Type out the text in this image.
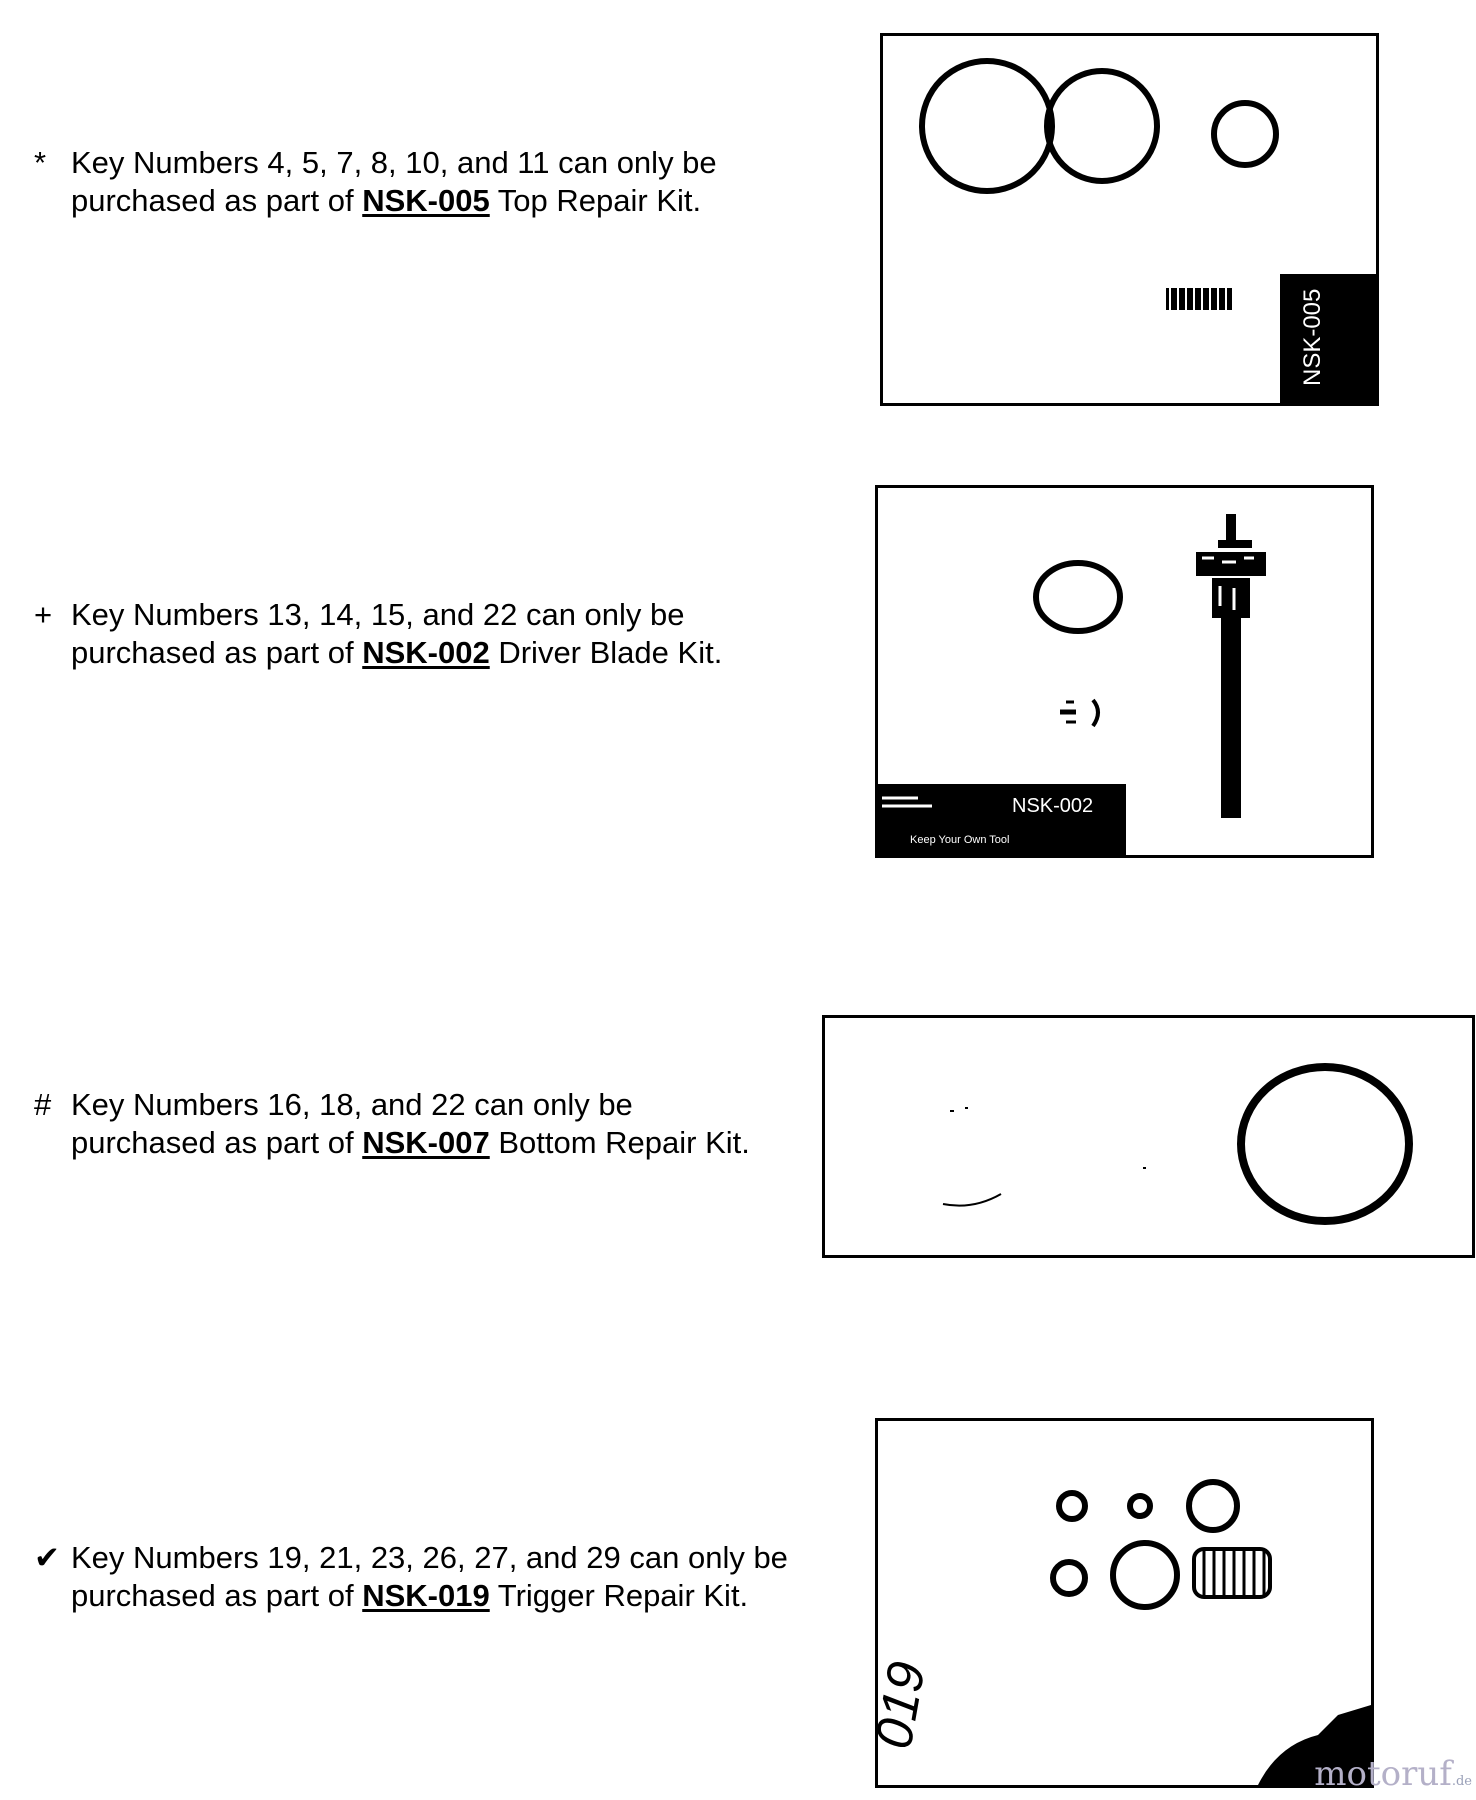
* Key Numbers 4, 5, 7, 8, 10, and 11 can only be
purchased as part of NSK-005 Top Repair Kit.
+ Key Numbers 13, 14, 15, and 22 can only be
purchased as part of NSK-002 Driver Blade Kit.
# Key Numbers 16, 18, and 22 can only be
purchased as part of NSK-007 Bottom Repair Kit.
✔ Key Numbers 19, 21, 23, 26, 27, and 29 can only be
purchased as part of NSK-019 Trigger Repair Kit.
NSK-005
NSK-002
Keep Your Own Tool
019
motoruf.de
